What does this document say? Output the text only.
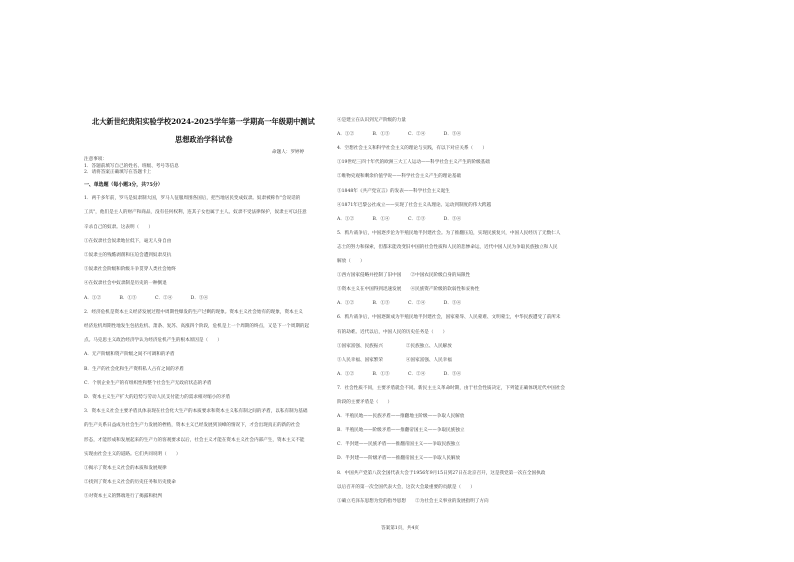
北大新世纪贵阳实验学校2024-2025学年第一学期高一年级期中测试
思想政治学科试卷
命题人：罗婷婷
注意事项：
1．答题前填写自己的姓名、班级、考号等信息
2．请将答案正确填写在答题卡上
一、单选题（每小题3分，共75分）
1．两千多年前，罗马是奴隶制大国，罗马人征服周围各国后，把当地居民变成奴隶。奴隶被称作"会说话的
工具"，他们是主人的财产和商品，没有任何权利，连其子女也属于主人。奴隶不受法律保护，奴隶主可以任意
辛杀自己的奴隶。这表明（　　）
①在奴隶社会奴隶地位低下，毫无人身自由
②奴隶主的残酷剥削和压迫会遭到奴隶反抗
③奴隶社会阶级和阶级斗争贯穿人类社会始终
④在奴隶社会中奴隶制是历史的一种倒退
A．①②　　　　B．①③　　　　C．②④　　　　D．③④
2．经济危机是资本主义经济发展过程中周期性爆发的生产过剩的现象。资本主义社会始有的现象，资本主义
经济危机周期性地发生包括危机、萧条、复苏、高涨四个阶段，危机是上一个周期的终点，又是下一个周期的起
点。马克思主义政治经济学认为经济危机产生的根本原因是（　　）
A．无产阶级和资产阶级之间不可调和的矛盾
B．生产的社会化和生产资料私人占有之间的矛盾
C．个别企业生产的有组织性和整个社会生产无政府状态的矛盾
D．资本主义生产扩大的趋势与劳动人民支付能力的需求相对缩小的矛盾
3．资本主义社会主要矛盾具体表现在社会化大生产的本质要求和资本主义私有制之间的矛盾，以私有制为基础
的生产关系日益成为社会生产力发展的桎梏，资本主义已经发展到顶峰的情况下，才会出现真正的新的社会
形态，才能形成和发展起来的生产力的客观要求以后，社会主义才能在资本主义社会内部产生，资本主义不能
实现由社会主义的道路。它们共同说明（　　）
①揭示了资本主义社会的本质和发展规律
②找到了资本主义社会的历史任务和历史使命
③对资本主义的弊端进行了揭露和批判
④是建立在认识到无产阶级的力量
A．①②　　　　B．①③　　　　C．②④　　　　D．③④
4．空想社会主义和科学社会主义的理论与实践，有以下对应关系（　　）
①19世纪三四十年代的欧洲三大工人运动——科学社会主义产生的阶级基础
②唯物史观和剩余价值学说——科学社会主义产生的理论基础
③1848年《共产党宣言》的发表——科学社会主义诞生
④1871年巴黎公社成立——实现了社会主义从理论、运动到制度的伟大跨越
A．①②　　　　B．①④　　　　C．②③　　　　D．③④
5．鸦片战争后，中国逐步沦为半殖民地半封建社会。为了推翻压迫，实现民族复兴，中国人民经历了无数仁人
志士的努力和探索，但都未能改变旧中国的社会性质和人民的悲惨命运，近代中国人民为争取民族独立和人民
解放（　　）
①西方国家侵略并控制了旧中国　　②中国农民阶级自身的局限性
③资本主义在中国得到迅速发展　　④民族资产阶级的软弱性和妥协性
A．①②　　　　B．①③　　　　C．②④　　　　D．③④
6．鸦片战争后，中国逐渐成为半殖民地半封建社会，国家蒙辱、人民蒙难、文明蒙尘，中华民族遭受了前所未
有的劫难。近代以后，中国人民的历史任务是（　　）
①国家富强、民族振兴　　　　　②民族独立、人民解放
③人民幸福、国家繁荣　　　　　④国家富强、人民幸福
A．①②　　　　B．①③　　　　C．②④　　　　D．③④
7．社会性质不同，主要矛盾就会不同。新民主主义革命时期，由于社会性质决定，下列能正确体现近代中国社会
阶段的主要矛盾是（　　）
A．半殖民地——民族矛盾——推翻地主阶级——争取人民解放
B．半殖民地——阶级矛盾——推翻帝国主义——争取民族独立
C．半封建——民族矛盾——推翻帝国主义——争取民族独立
D．半封建——阶级矛盾——推翻帝国主义——争取人民解放
8．中国共产党第八次全国代表大会于1956年9月15日到27日在北京召开，这是我党第一次在全国执政
以后召开的第一次全国代表大会，这次大会最重要的贡献是（　　）
①确立毛泽东思想为党的指导思想　　②为社会主义事业的发展指明了方向
答案第1页，共4页
